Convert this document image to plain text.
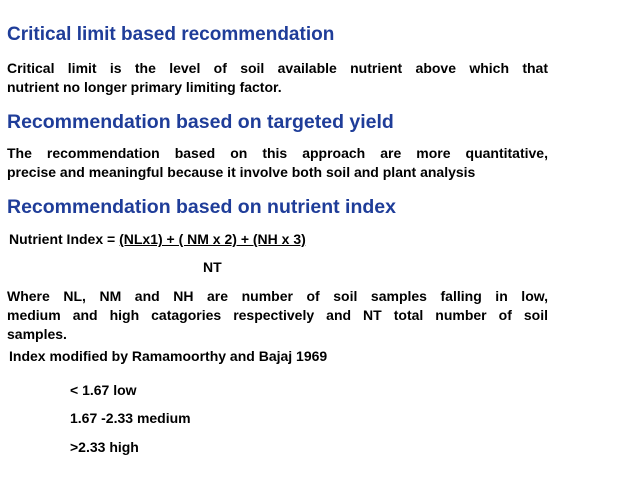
Critical limit based recommendation
Critical limit is the level of soil available nutrient above which that
nutrient no longer primary limiting factor.
Recommendation based on targeted yield
The recommendation based on this approach are more quantitative,
precise and meaningful because it involve both soil and plant analysis
Recommendation based on nutrient index
Nutrient Index = (NLx1) + ( NM x 2) + (NH x 3)
NT
Where NL, NM and NH are number of soil samples falling in low,
medium and high catagories respectively and NT total number of soil
samples.
Index modified by Ramamoorthy and Bajaj 1969
< 1.67 low
1.67 -2.33 medium
>2.33 high
